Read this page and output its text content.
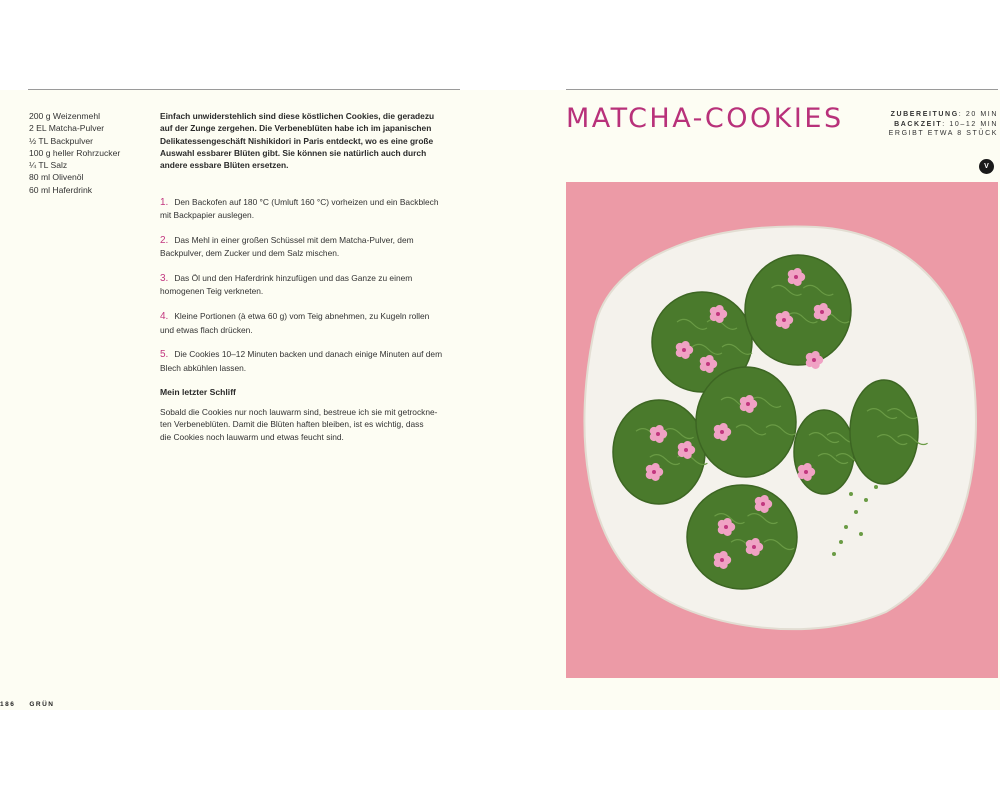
200 g Weizenmehl
2 EL Matcha-Pulver
½ TL Backpulver
100 g heller Rohrzucker
¼ TL Salz
80 ml Olivenöl
60 ml Haferdrink
Einfach unwiderstehlich sind diese köstlichen Cookies, die geradezu
auf der Zunge zergehen. Die Verbeneblüten habe ich im japanischen
Delikatessengeschäft Nishikidori in Paris entdeckt, wo es eine große
Auswahl essbarer Blüten gibt. Sie können sie natürlich auch durch
andere essbare Blüten ersetzen.
1. Den Backofen auf 180 °C (Umluft 160 °C) vorheizen und ein Backblech
mit Backpapier auslegen.
2. Das Mehl in einer großen Schüssel mit dem Matcha-Pulver, dem
Backpulver, dem Zucker und dem Salz mischen.
3. Das Öl und den Haferdrink hinzufügen und das Ganze zu einem
homogenen Teig verkneten.
4. Kleine Portionen (à etwa 60 g) vom Teig abnehmen, zu Kugeln rollen
und etwas flach drücken.
5. Die Cookies 10–12 Minuten backen und danach einige Minuten auf dem
Blech abkühlen lassen.
Mein letzter Schliff
Sobald die Cookies nur noch lauwarm sind, bestreue ich sie mit getrockne-
ten Verbeneblüten. Damit die Blüten haften bleiben, ist es wichtig, dass
die Cookies noch lauwarm und etwas feucht sind.
186 GRÜN
MATCHA-COOKIES	ZUBEREITUNG: 20 MIN
BACKZEIT: 10–12 MIN
ERGIBT ETWA 8 STÜCK
V
